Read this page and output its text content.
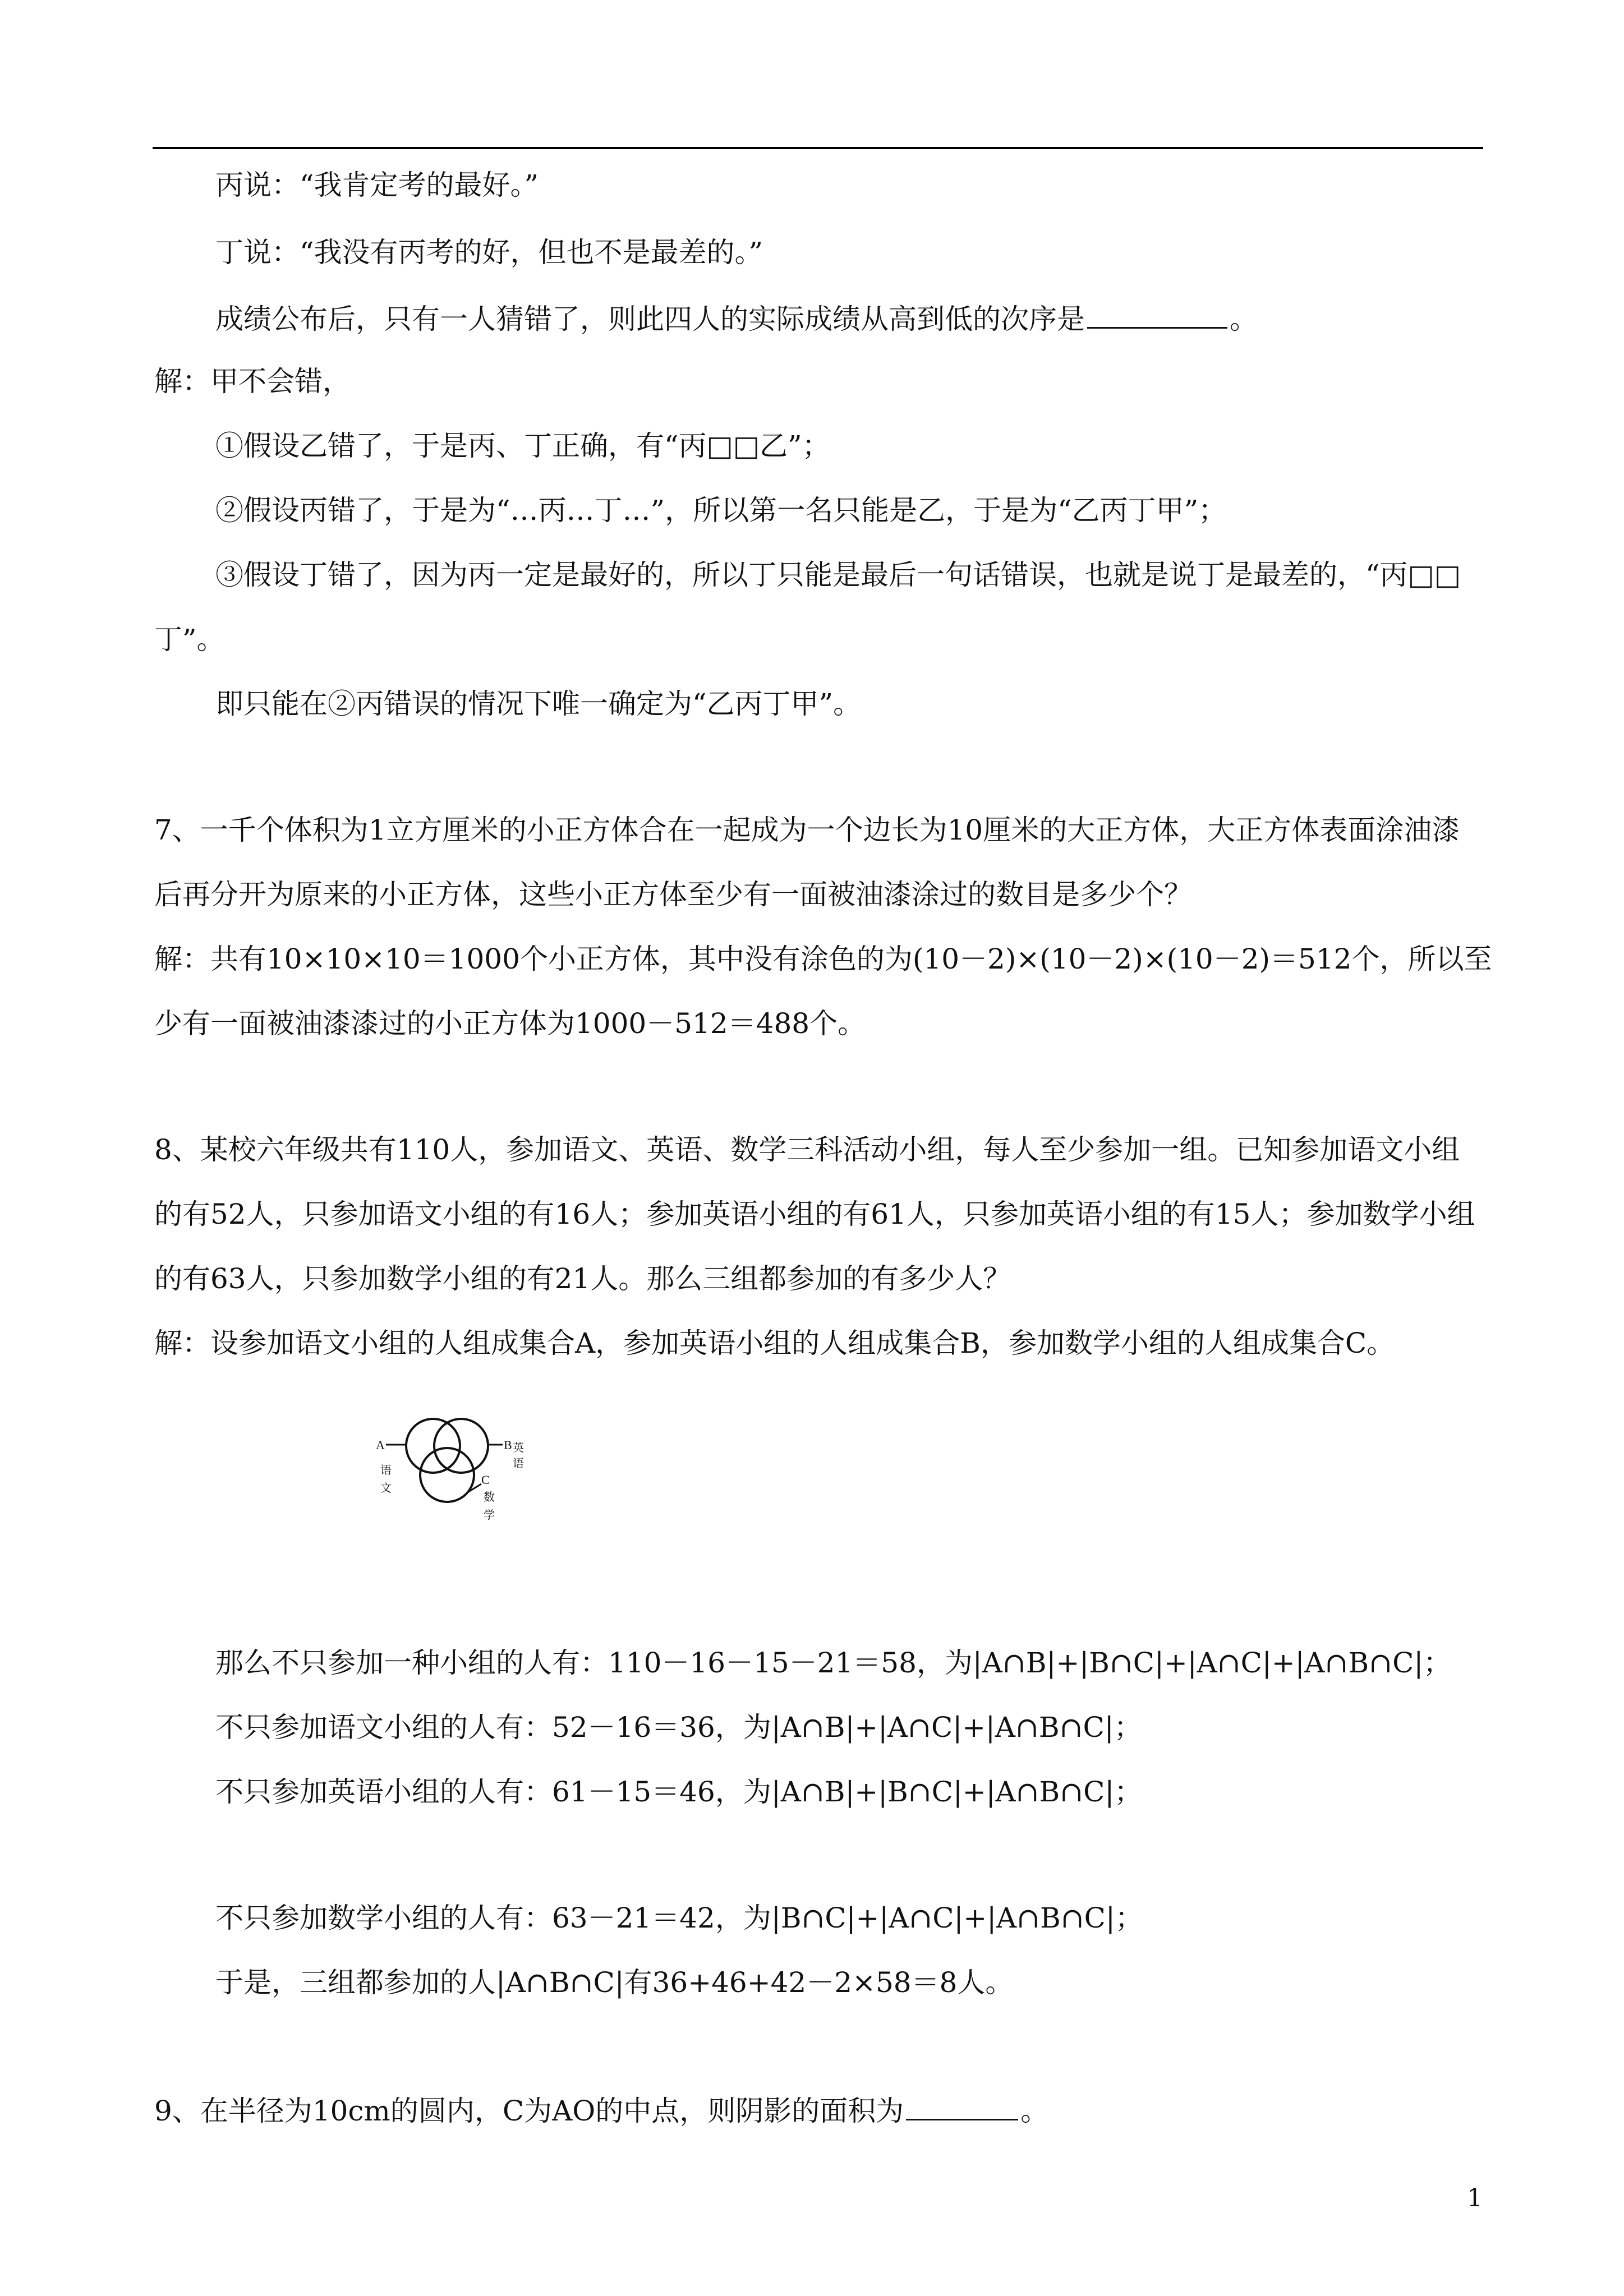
丙说：“我肯定考的最好。”
丁说：“我没有丙考的好，但也不是最差的。”
成绩公布后，只有一人猜错了，则此四人的实际成绩从高到低的次序是	。
解：甲不会错，
①假设乙错了，于是丙、丁正确，有“丙□□乙”；
②假设丙错了，于是为“…丙…丁…”，所以第一名只能是乙，于是为“乙丙丁甲”；
③假设丁错了，因为丙一定是最好的，所以丁只能是最后一句话错误，也就是说丁是最差的，“丙□□
丁”。
即只能在②丙错误的情况下唯一确定为“乙丙丁甲”。
7、一千个体积为1立方厘米的小正方体合在一起成为一个边长为10厘米的大正方体，大正方体表面涂油漆
后再分开为原来的小正方体，这些小正方体至少有一面被油漆涂过的数目是多少个？
解：共有10×10×10＝1000个小正方体，其中没有涂色的为(10－2)×(10－2)×(10－2)＝512个，所以至
少有一面被油漆漆过的小正方体为1000－512＝488个。
8、某校六年级共有110人，参加语文、英语、数学三科活动小组，每人至少参加一组。已知参加语文小组
的有52人，只参加语文小组的有16人；参加英语小组的有61人，只参加英语小组的有15人；参加数学小组
的有63人，只参加数学小组的有21人。那么三组都参加的有多少人？
解：设参加语文小组的人组成集合A，参加英语小组的人组成集合B，参加数学小组的人组成集合C。
A
语
文
B 英
语
C
数
学
那么不只参加一种小组的人有：110－16－15－21＝58，为|A∩B|+|B∩C|+|A∩C|+|A∩B∩C|；
不只参加语文小组的人有：52－16＝36，为|A∩B|+|A∩C|+|A∩B∩C|；
不只参加英语小组的人有：61－15＝46，为|A∩B|+|B∩C|+|A∩B∩C|；
不只参加数学小组的人有：63－21＝42，为|B∩C|+|A∩C|+|A∩B∩C|；
于是，三组都参加的人|A∩B∩C|有36+46+42－2×58＝8人。
9、在半径为10cm的圆内，C为AO的中点，则阴影的面积为	。
1
